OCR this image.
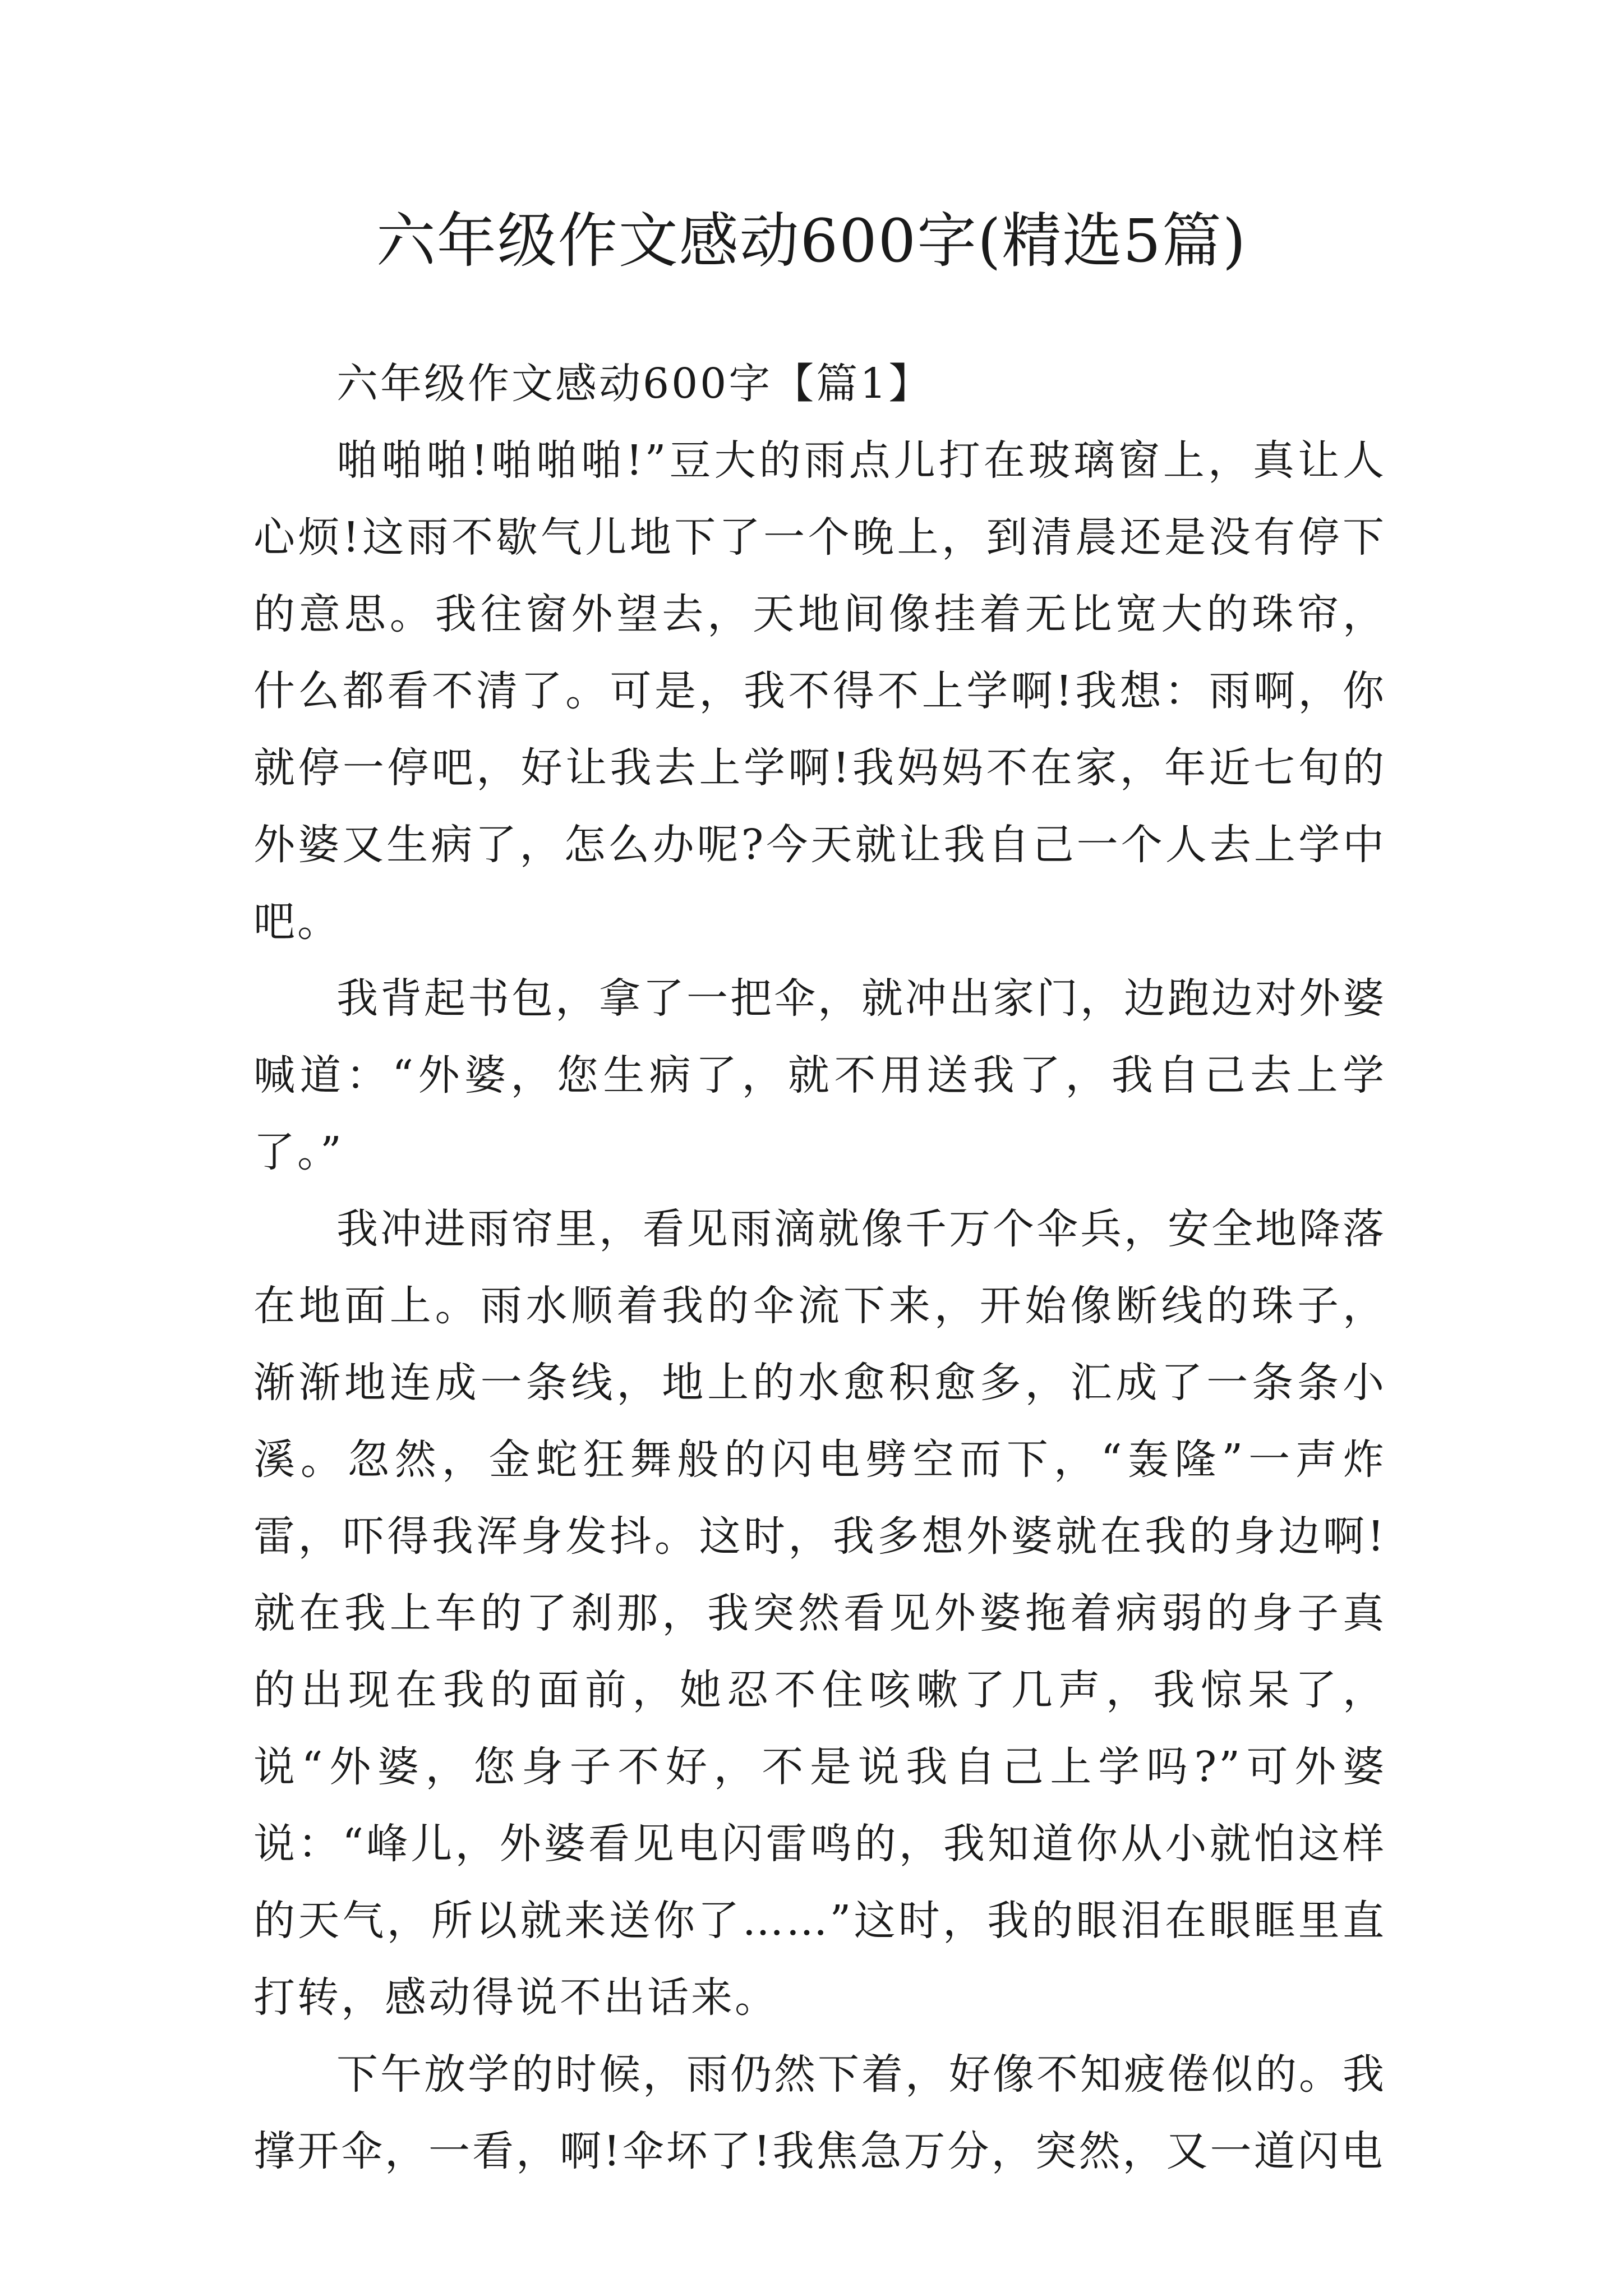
六年级作文感动600字(精选5篇)

六年级作文感动600字【篇1】

啪啪啪!啪啪啪!”豆大的雨点儿打在玻璃窗上，真让人心烦!这雨不歇气儿地下了一个晚上，到清晨还是没有停下的意思。我往窗外望去，天地间像挂着无比宽大的珠帘，什么都看不清了。可是，我不得不上学啊!我想：雨啊，你就停一停吧，好让我去上学啊!我妈妈不在家，年近七旬的外婆又生病了，怎么办呢?今天就让我自己一个人去上学中吧。

我背起书包，拿了一把伞，就冲出家门，边跑边对外婆喊道：“外婆，您生病了，就不用送我了，我自己去上学了。”

我冲进雨帘里，看见雨滴就像千万个伞兵，安全地降落在地面上。雨水顺着我的伞流下来，开始像断线的珠子，渐渐地连成一条线，地上的水愈积愈多，汇成了一条条小溪。忽然，金蛇狂舞般的闪电劈空而下，“轰隆”一声炸雷，吓得我浑身发抖。这时，我多想外婆就在我的身边啊!就在我上车的了刹那，我突然看见外婆拖着病弱的身子真的出现在我的面前，她忍不住咳嗽了几声，我惊呆了，说“外婆，您身子不好，不是说我自己上学吗?”可外婆说：“峰儿，外婆看见电闪雷鸣的，我知道你从小就怕这样的天气，所以就来送你了……”这时，我的眼泪在眼眶里直打转，感动得说不出话来。

下午放学的时候，雨仍然下着，好像不知疲倦似的。我撑开伞，一看，啊!伞坏了!我焦急万分，突然，又一道闪电
